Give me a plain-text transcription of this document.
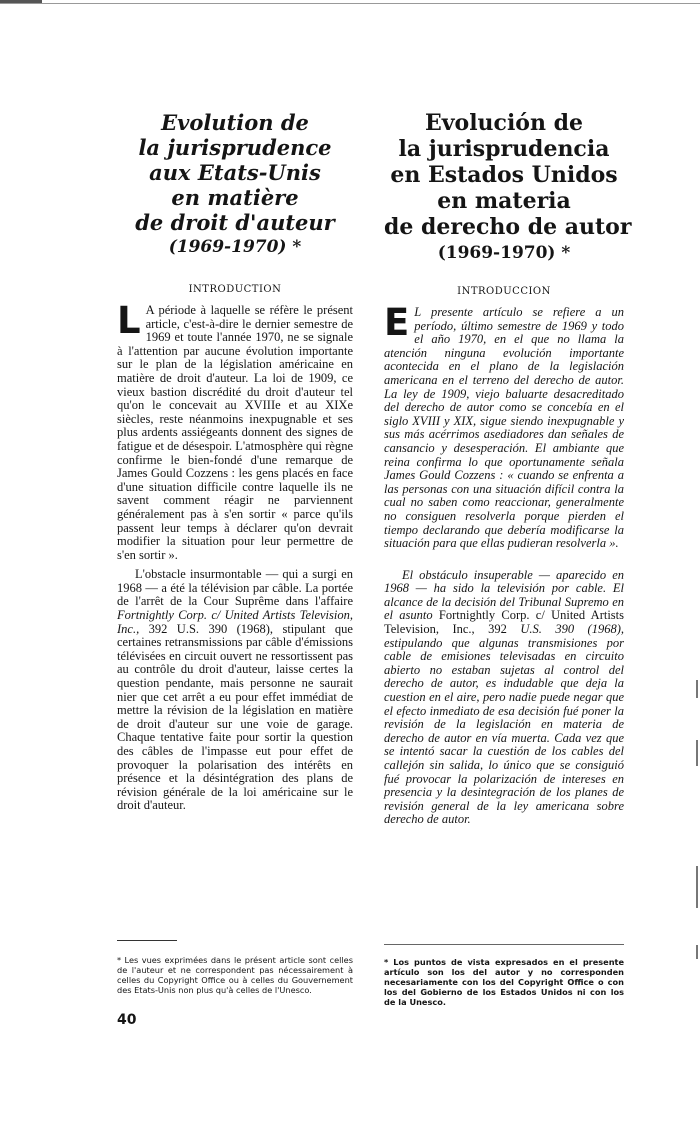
Evolution de
la jurisprudence
aux Etats-Unis
en matière
de droit d'auteur
(1969-1970) *
INTRODUCTION

L A période à laquelle se réfère le présent article, c'est-à-dire le dernier semestre de 1969 et toute l'année 1970, ne se signale à l'attention par aucune évolution importante sur le plan de la législation américaine en matière de droit d'auteur. La loi de 1909, ce vieux bastion discrédité du droit d'auteur tel qu'on le concevait au XVIIIe et au XIXe siècles, reste néanmoins inexpugnable et ses plus ardents assiégeants donnent des signes de fatigue et de désespoir. L'atmosphère qui règne confirme le bien-fondé d'une remarque de James Gould Cozzens : les gens placés en face d'une situation difficile contre laquelle ils ne savent comment réagir ne parviennent généralement pas à s'en sortir « parce qu'ils passent leur temps à déclarer qu'on devrait modifier la situation pour leur permettre de s'en sortir ».

L'obstacle insurmontable — qui a surgi en 1968 — a été la télévision par câble. La portée de l'arrêt de la Cour Suprême dans l'affaire Fortnightly Corp. c/ United Artists Television, Inc., 392 U.S. 390 (1968), stipulant que certaines retransmissions par câble d'émissions télévisées en circuit ouvert ne ressortissent pas au contrôle du droit d'auteur, laisse certes la question pendante, mais personne ne saurait nier que cet arrêt a eu pour effet immédiat de mettre la révision de la législation en matière de droit d'auteur sur une voie de garage. Chaque tentative faite pour sortir la question des câbles de l'impasse eut pour effet de provoquer la polarisation des intérêts en présence et la désintégration des plans de révision générale de la loi américaine sur le droit d'auteur.

* Les vues exprimées dans le présent article sont celles de l'auteur et ne correspondent pas nécessairement à celles du Copyright Office ou à celles du Gouvernement des Etats-Unis non plus qu'à celles de l'Unesco.
Evolución de
la jurisprudencia
en Estados Unidos
en materia
de derecho de autor
(1969-1970) *
INTRODUCCION

E L presente artículo se refiere a un período, último semestre de 1969 y todo el año 1970, en el que no llama la atención ninguna evolución importante acontecida en el plano de la legislación americana en el terreno del derecho de autor. La ley de 1909, viejo baluarte desacreditado del derecho de autor como se concebía en el siglo XVIII y XIX, sigue siendo inexpugnable y sus más acérrimos asediadores dan señales de cansancio y desesperación. El ambiante que reina confirma lo que oportunamente señala James Gould Cozzens : « cuando se enfrenta a las personas con una situación difícil contra la cual no saben como reaccionar, generalmente no consiguen resolverla porque pierden el tiempo declarando que debería modificarse la situación para que ellas pudieran resolverla ».

El obstáculo insuperable — aparecido en 1968 — ha sido la televisión por cable. El alcance de la decisión del Tribunal Supremo en el asunto Fortnightly Corp. c/ United Artists Television, Inc., 392 U.S. 390 (1968), estipulando que algunas transmisiones por cable de emisiones televisadas en circuito abierto no estaban sujetas al control del derecho de autor, es indudable que deja la cuestion en el aire, pero nadie puede negar que el efecto inmediato de esa decisión fué poner la revisión de la legislación en materia de derecho de autor en vía muerta. Cada vez que se intentó sacar la cuestión de los cables del callejón sin salida, lo único que se consiguió fué provocar la polarización de intereses en presencia y la desintegración de los planes de revisión general de la ley americana sobre derecho de autor.

* Los puntos de vista expresados en el presente artículo son los del autor y no corresponden necesariamente con los del Copyright Office o con los del Gobierno de los Estados Unidos ni con los de la Unesco.
40
